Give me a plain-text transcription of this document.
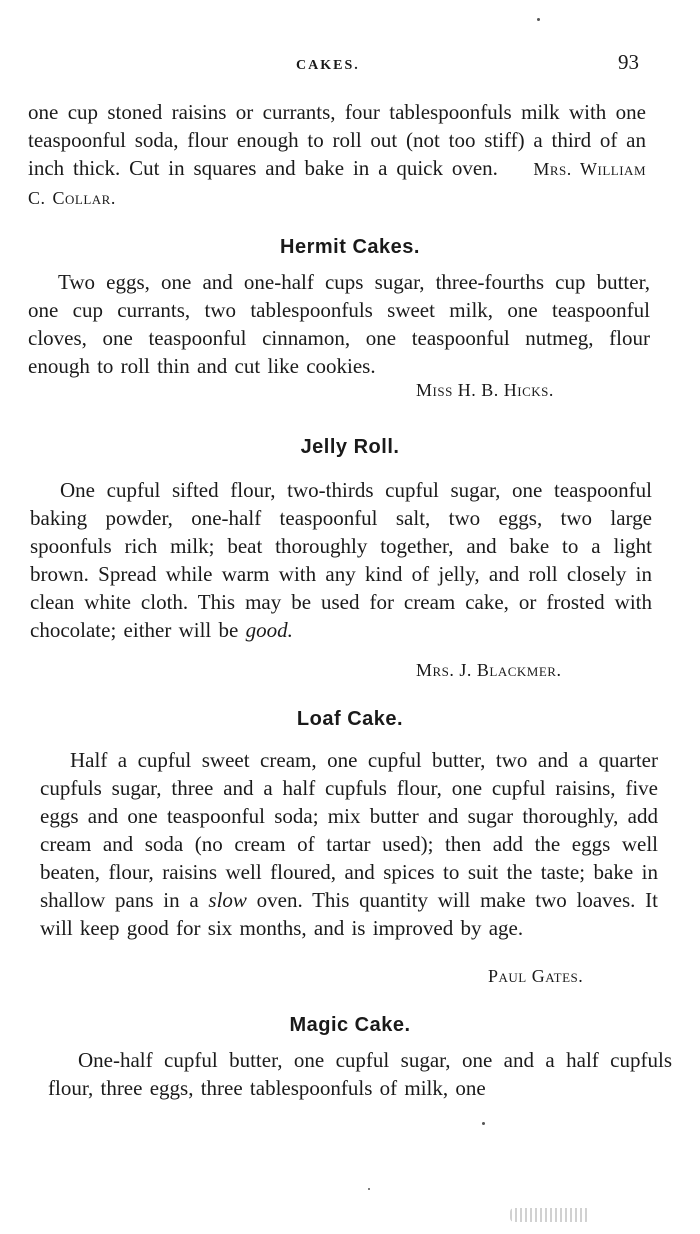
CAKES.	93

one cup stoned raisins or currants, four tablespoonfuls milk with one teaspoonful soda, flour enough to roll out (not too stiff) a third of an inch thick. Cut in squares and bake in a quick oven. Mrs. William C. Collar.

Hermit Cakes.

Two eggs, one and one-half cups sugar, three-fourths cup butter, one cup currants, two tablespoonfuls sweet milk, one teaspoonful cloves, one teaspoonful cinnamon, one teaspoonful nutmeg, flour enough to roll thin and cut like cookies.

Miss H. B. Hicks.

Jelly Roll.

One cupful sifted flour, two-thirds cupful sugar, one teaspoonful baking powder, one-half teaspoonful salt, two eggs, two large spoonfuls rich milk; beat thoroughly together, and bake to a light brown. Spread while warm with any kind of jelly, and roll closely in clean white cloth. This may be used for cream cake, or frosted with chocolate; either will be good.

Mrs. J. Blackmer.

Loaf Cake.

Half a cupful sweet cream, one cupful butter, two and a quarter cupfuls sugar, three and a half cupfuls flour, one cupful raisins, five eggs and one teaspoonful soda; mix butter and sugar thoroughly, add cream and soda (no cream of tartar used); then add the eggs well beaten, flour, raisins well floured, and spices to suit the taste; bake in shallow pans in a slow oven. This quantity will make two loaves. It will keep good for six months, and is improved by age.

Paul Gates.

Magic Cake.

One-half cupful butter, one cupful sugar, one and a half cupfuls flour, three eggs, three tablespoonfuls of milk, one
